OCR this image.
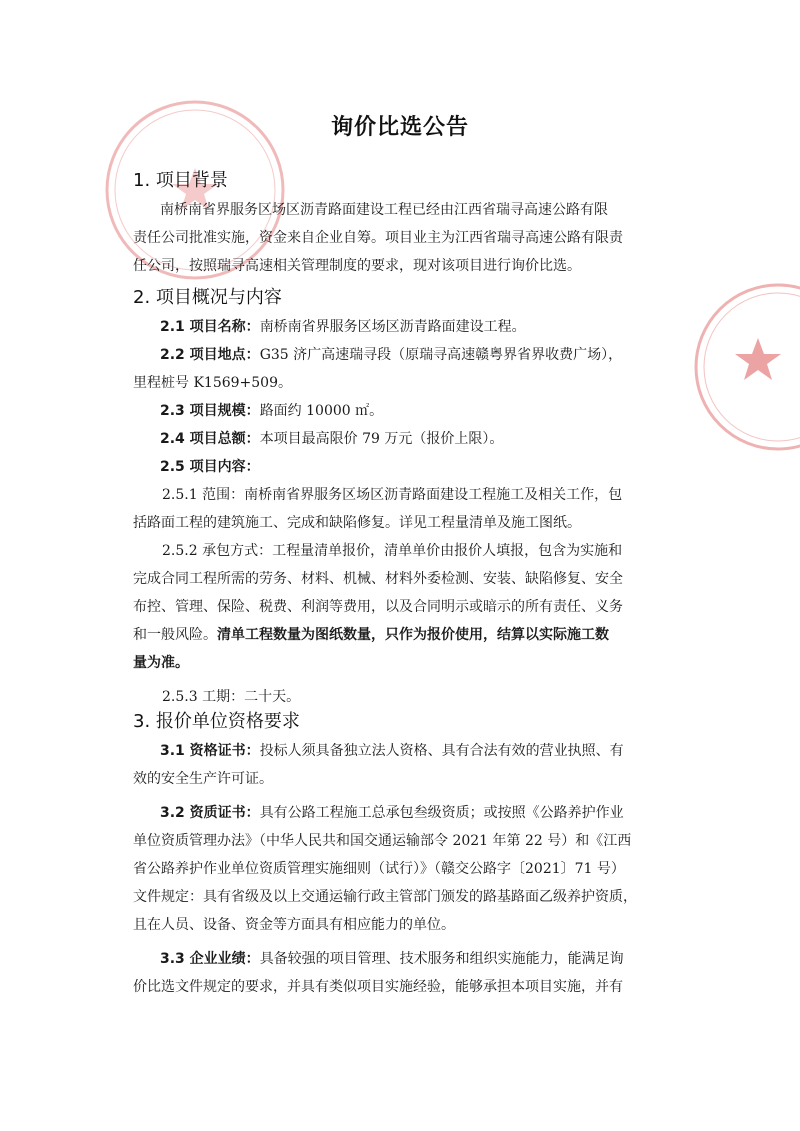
询价比选公告
1. 项目背景
南桥南省界服务区场区沥青路面建设工程已经由江西省瑞寻高速公路有限
责任公司批准实施，资金来自企业自筹。项目业主为江西省瑞寻高速公路有限责
任公司，按照瑞寻高速相关管理制度的要求，现对该项目进行询价比选。
2. 项目概况与内容
2.1 项目名称：南桥南省界服务区场区沥青路面建设工程。
2.2 项目地点：G35 济广高速瑞寻段（原瑞寻高速赣粤界省界收费广场），
里程桩号 K1569+509。
2.3 项目规模：路面约 10000 ㎡。
2.4 项目总额：本项目最高限价 79 万元（报价上限）。
2.5 项目内容：
2.5.1 范围：南桥南省界服务区场区沥青路面建设工程施工及相关工作，包
括路面工程的建筑施工、完成和缺陷修复。详见工程量清单及施工图纸。
2.5.2 承包方式：工程量清单报价，清单单价由报价人填报，包含为实施和
完成合同工程所需的劳务、材料、机械、材料外委检测、安装、缺陷修复、安全
布控、管理、保险、税费、利润等费用，以及合同明示或暗示的所有责任、义务
和一般风险。清单工程数量为图纸数量，只作为报价使用，结算以实际施工数
量为准。
2.5.3 工期：二十天。
3. 报价单位资格要求
3.1 资格证书：投标人须具备独立法人资格、具有合法有效的营业执照、有
效的安全生产许可证。
3.2 资质证书：具有公路工程施工总承包叁级资质；或按照《公路养护作业
单位资质管理办法》（中华人民共和国交通运输部令 2021 年第 22 号）和《江西
省公路养护作业单位资质管理实施细则（试行）》（赣交公路字〔2021〕71 号）
文件规定：具有省级及以上交通运输行政主管部门颁发的路基路面乙级养护资质，
且在人员、设备、资金等方面具有相应能力的单位。
3.3 企业业绩：具备较强的项目管理、技术服务和组织实施能力，能满足询
价比选文件规定的要求，并具有类似项目实施经验，能够承担本项目实施，并有
